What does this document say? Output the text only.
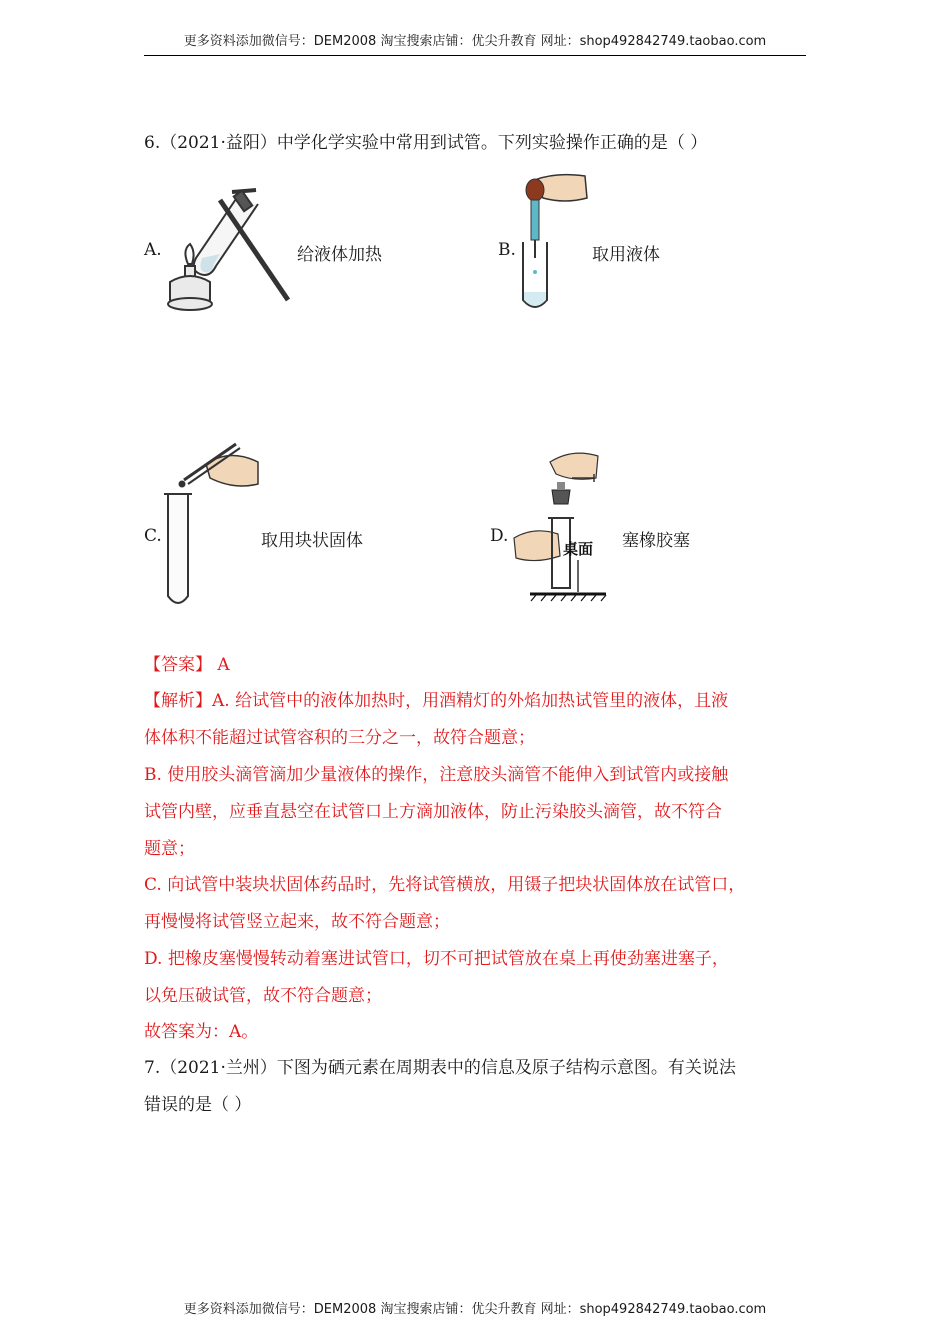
更多资料添加微信号：DEM2008 淘宝搜索店铺：优尖升教育 网址：shop492842749.taobao.com
6.（2021·益阳）中学化学实验中常用到试管。下列实验操作正确的是（ ）
A.	给液体加热	B.	取用液体
C.	取用块状固体	D.
桌面 塞橡胶塞
【答案】 A
【解析】A. 给试管中的液体加热时，用酒精灯的外焰加热试管里的液体，且液
体体积不能超过试管容积的三分之一，故符合题意；
B. 使用胶头滴管滴加少量液体的操作，注意胶头滴管不能伸入到试管内或接触
试管内壁，应垂直悬空在试管口上方滴加液体，防止污染胶头滴管，故不符合
题意；
C. 向试管中装块状固体药品时，先将试管横放，用镊子把块状固体放在试管口，
再慢慢将试管竖立起来，故不符合题意；
D. 把橡皮塞慢慢转动着塞进试管口，切不可把试管放在桌上再使劲塞进塞子，
以免压破试管，故不符合题意；
故答案为：A。
7.（2021·兰州）下图为硒元素在周期表中的信息及原子结构示意图。有关说法
错误的是（ ）
更多资料添加微信号：DEM2008 淘宝搜索店铺：优尖升教育 网址：shop492842749.taobao.com
